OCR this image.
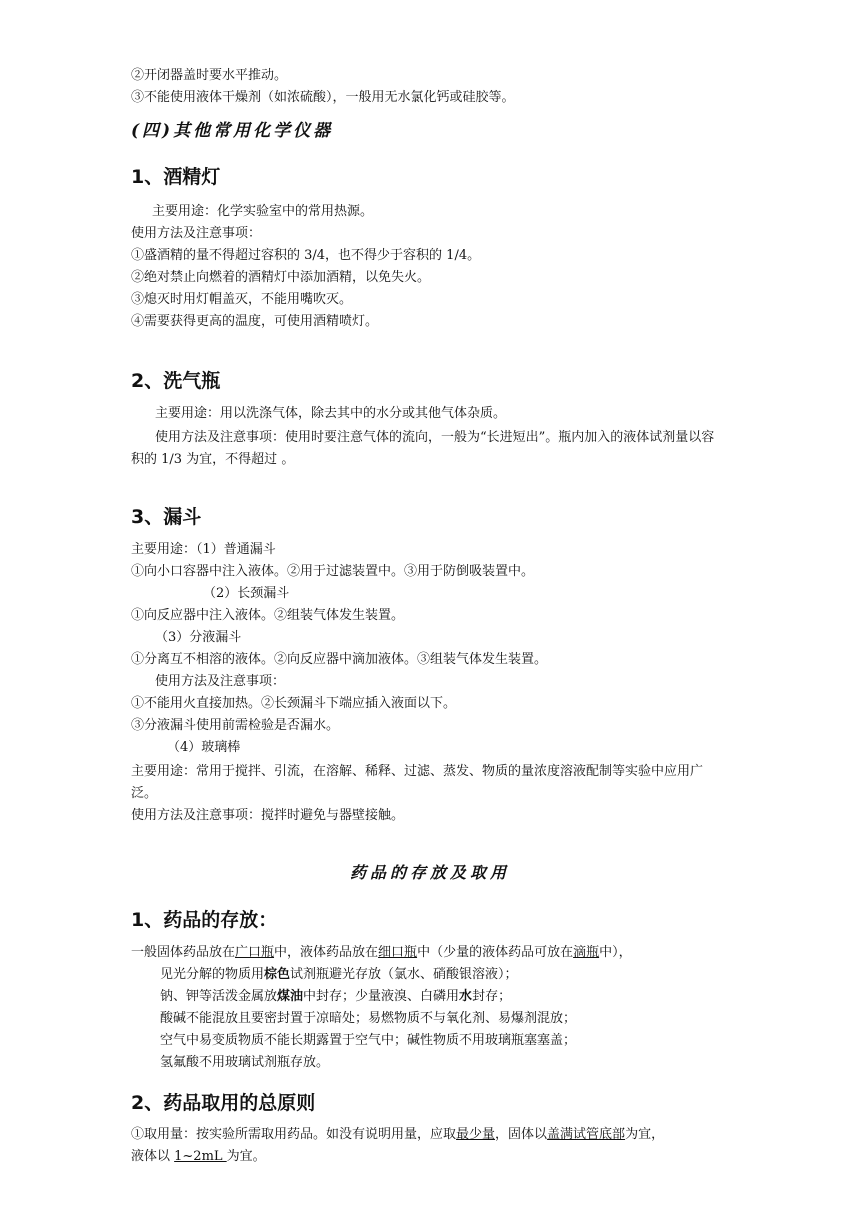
②开闭器盖时要水平推动。
③不能使用液体干燥剂（如浓硫酸），一般用无水氯化钙或硅胶等。
(四)其他常用化学仪器
1、酒精灯
主要用途：化学实验室中的常用热源。
使用方法及注意事项：
①盛酒精的量不得超过容积的 3/4，也不得少于容积的 1/4。
②绝对禁止向燃着的酒精灯中添加酒精，以免失火。
③熄灭时用灯帽盖灭，不能用嘴吹灭。
④需要获得更高的温度，可使用酒精喷灯。
2、洗气瓶
主要用途：用以洗涤气体，除去其中的水分或其他气体杂质。
使用方法及注意事项：使用时要注意气体的流向，一般为“长进短出”。瓶内加入的液体试剂量以容
积的 1/3 为宜，不得超过 。
3、漏斗
主要用途：（1）普通漏斗
①向小口容器中注入液体。②用于过滤装置中。③用于防倒吸装置中。
（2）长颈漏斗
①向反应器中注入液体。②组装气体发生装置。
（3）分液漏斗
①分离互不相溶的液体。②向反应器中滴加液体。③组装气体发生装置。
使用方法及注意事项：
①不能用火直接加热。②长颈漏斗下端应插入液面以下。
③分液漏斗使用前需检验是否漏水。
（4）玻璃棒
主要用途：常用于搅拌、引流，在溶解、稀释、过滤、蒸发、物质的量浓度溶液配制等实验中应用广
泛。
使用方法及注意事项：搅拌时避免与器壁接触。
药品的存放及取用
1、药品的存放：
一般固体药品放在广口瓶中，液体药品放在细口瓶中（少量的液体药品可放在滴瓶中），
见光分解的物质用棕色试剂瓶避光存放（氯水、硝酸银溶液）；
钠、钾等活泼金属放煤油中封存；少量液溴、白磷用水封存；
酸碱不能混放且要密封置于凉暗处；易燃物质不与氧化剂、易爆剂混放；
空气中易变质物质不能长期露置于空气中；碱性物质不用玻璃瓶塞塞盖；
氢氟酸不用玻璃试剂瓶存放。
2、药品取用的总原则
①取用量：按实验所需取用药品。如没有说明用量，应取最少量，固体以盖满试管底部为宜，
液体以 1~2mL 为宜。
